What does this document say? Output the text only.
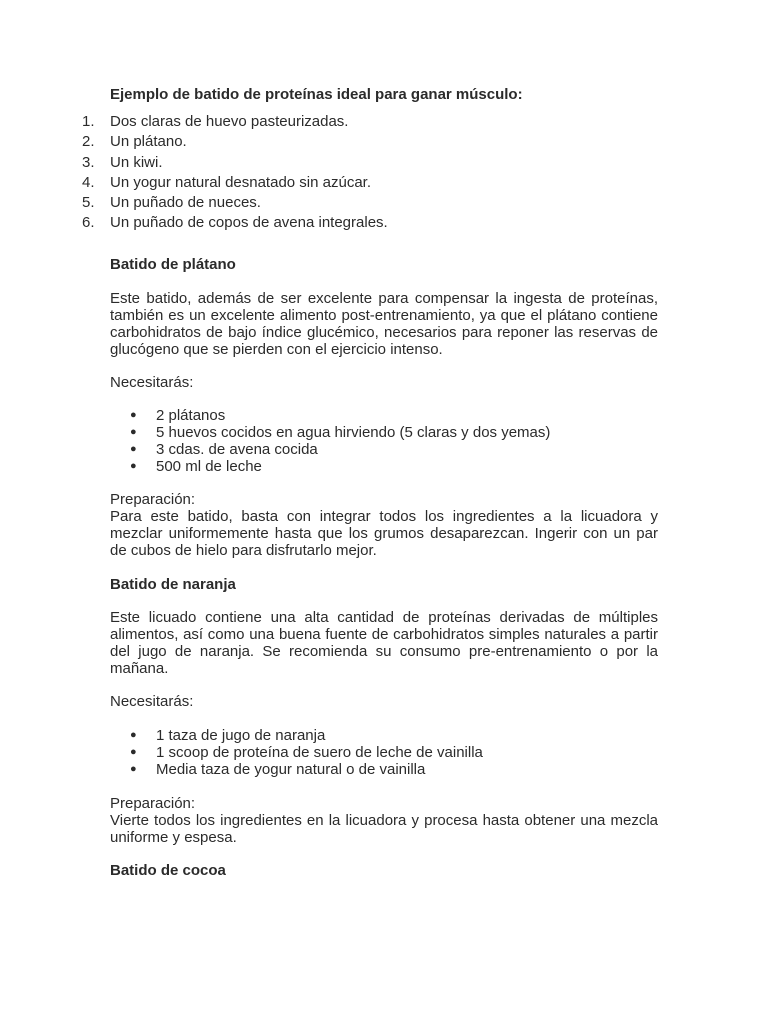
Ejemplo de batido de proteínas ideal para ganar músculo:
1. Dos claras de huevo pasteurizadas.
2. Un plátano.
3. Un kiwi.
4. Un yogur natural desnatado sin azúcar.
5. Un puñado de nueces.
6. Un puñado de copos de avena integrales.
Batido de plátano

Este batido, además de ser excelente para compensar la ingesta de proteínas, también es un excelente alimento post-entrenamiento, ya que el plátano contiene carbohidratos de bajo índice glucémico, necesarios para reponer las reservas de glucógeno que se pierden con el ejercicio intenso.

Necesitarás:

● 2 plátanos
● 5 huevos cocidos en agua hirviendo (5 claras y dos yemas)
● 3 cdas. de avena cocida
● 500 ml de leche

Preparación:

Para este batido, basta con integrar todos los ingredientes a la licuadora y mezclar uniformemente hasta que los grumos desaparezcan. Ingerir con un par de cubos de hielo para disfrutarlo mejor.

Batido de naranja

Este licuado contiene una alta cantidad de proteínas derivadas de múltiples alimentos, así como una buena fuente de carbohidratos simples naturales a partir del jugo de naranja. Se recomienda su consumo pre-entrenamiento o por la mañana.

Necesitarás:

● 1 taza de jugo de naranja
● 1 scoop de proteína de suero de leche de vainilla
● Media taza de yogur natural o de vainilla

Preparación:

Vierte todos los ingredientes en la licuadora y procesa hasta obtener una mezcla uniforme y espesa.

Batido de cocoa
